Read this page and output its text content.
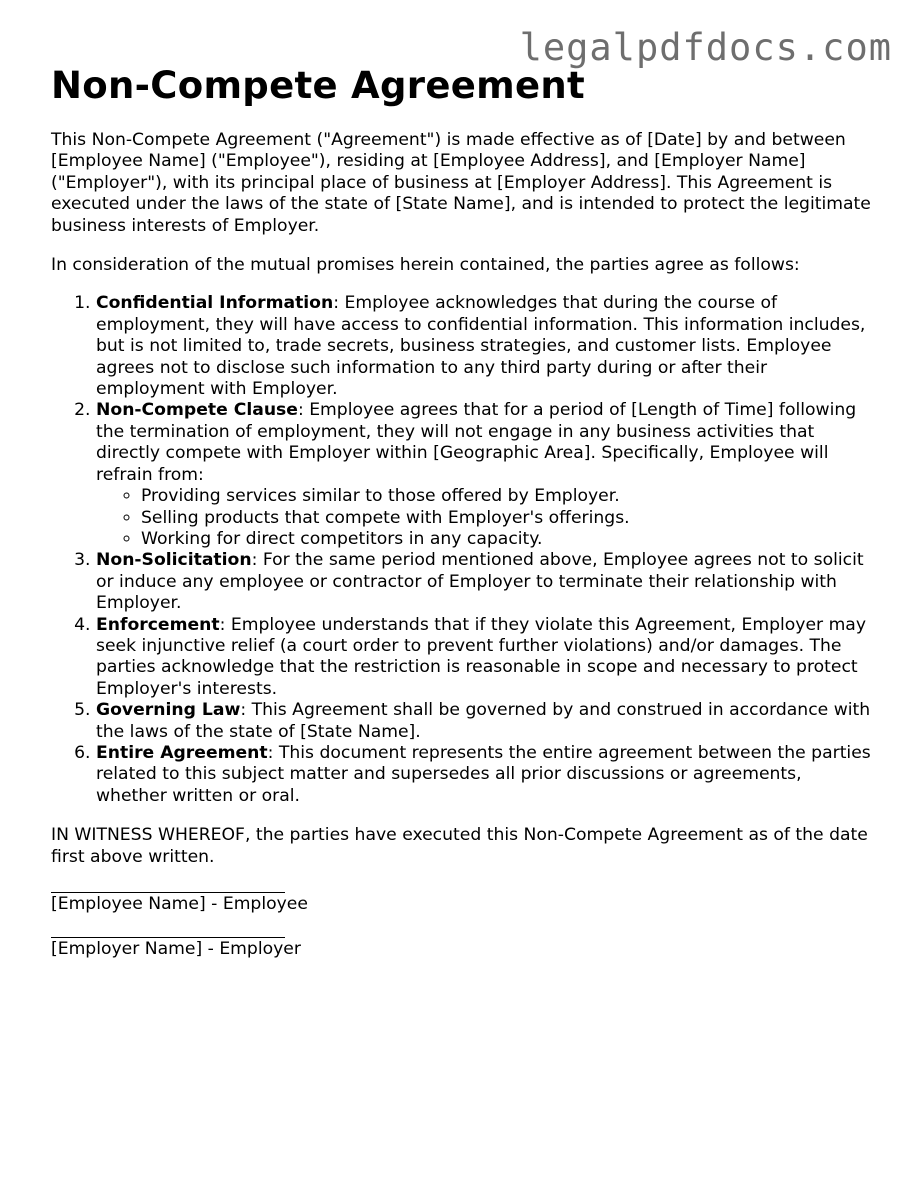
legalpdfdocs.com
Non-Compete Agreement

This Non-Compete Agreement ("Agreement") is made effective as of [Date] by and between [Employee Name] ("Employee"), residing at [Employee Address], and [Employer Name] ("Employer"), with its principal place of business at [Employer Address]. This Agreement is executed under the laws of the state of [State Name], and is intended to protect the legitimate business interests of Employer.

In consideration of the mutual promises herein contained, the parties agree as follows:

1. Confidential Information: Employee acknowledges that during the course of employment, they will have access to confidential information. This information includes, but is not limited to, trade secrets, business strategies, and customer lists. Employee agrees not to disclose such information to any third party during or after their employment with Employer.
2. Non-Compete Clause: Employee agrees that for a period of [Length of Time] following the termination of employment, they will not engage in any business activities that directly compete with Employer within [Geographic Area]. Specifically, Employee will refrain from:
◦ Providing services similar to those offered by Employer.
◦ Selling products that compete with Employer's offerings.
◦ Working for direct competitors in any capacity.
3. Non-Solicitation: For the same period mentioned above, Employee agrees not to solicit or induce any employee or contractor of Employer to terminate their relationship with Employer.
4. Enforcement: Employee understands that if they violate this Agreement, Employer may seek injunctive relief (a court order to prevent further violations) and/or damages. The parties acknowledge that the restriction is reasonable in scope and necessary to protect Employer's interests.
5. Governing Law: This Agreement shall be governed by and construed in accordance with the laws of the state of [State Name].
6. Entire Agreement: This document represents the entire agreement between the parties related to this subject matter and supersedes all prior discussions or agreements, whether written or oral.

IN WITNESS WHEREOF, the parties have executed this Non-Compete Agreement as of the date first above written.

[Employee Name] - Employee
[Employer Name] - Employer
